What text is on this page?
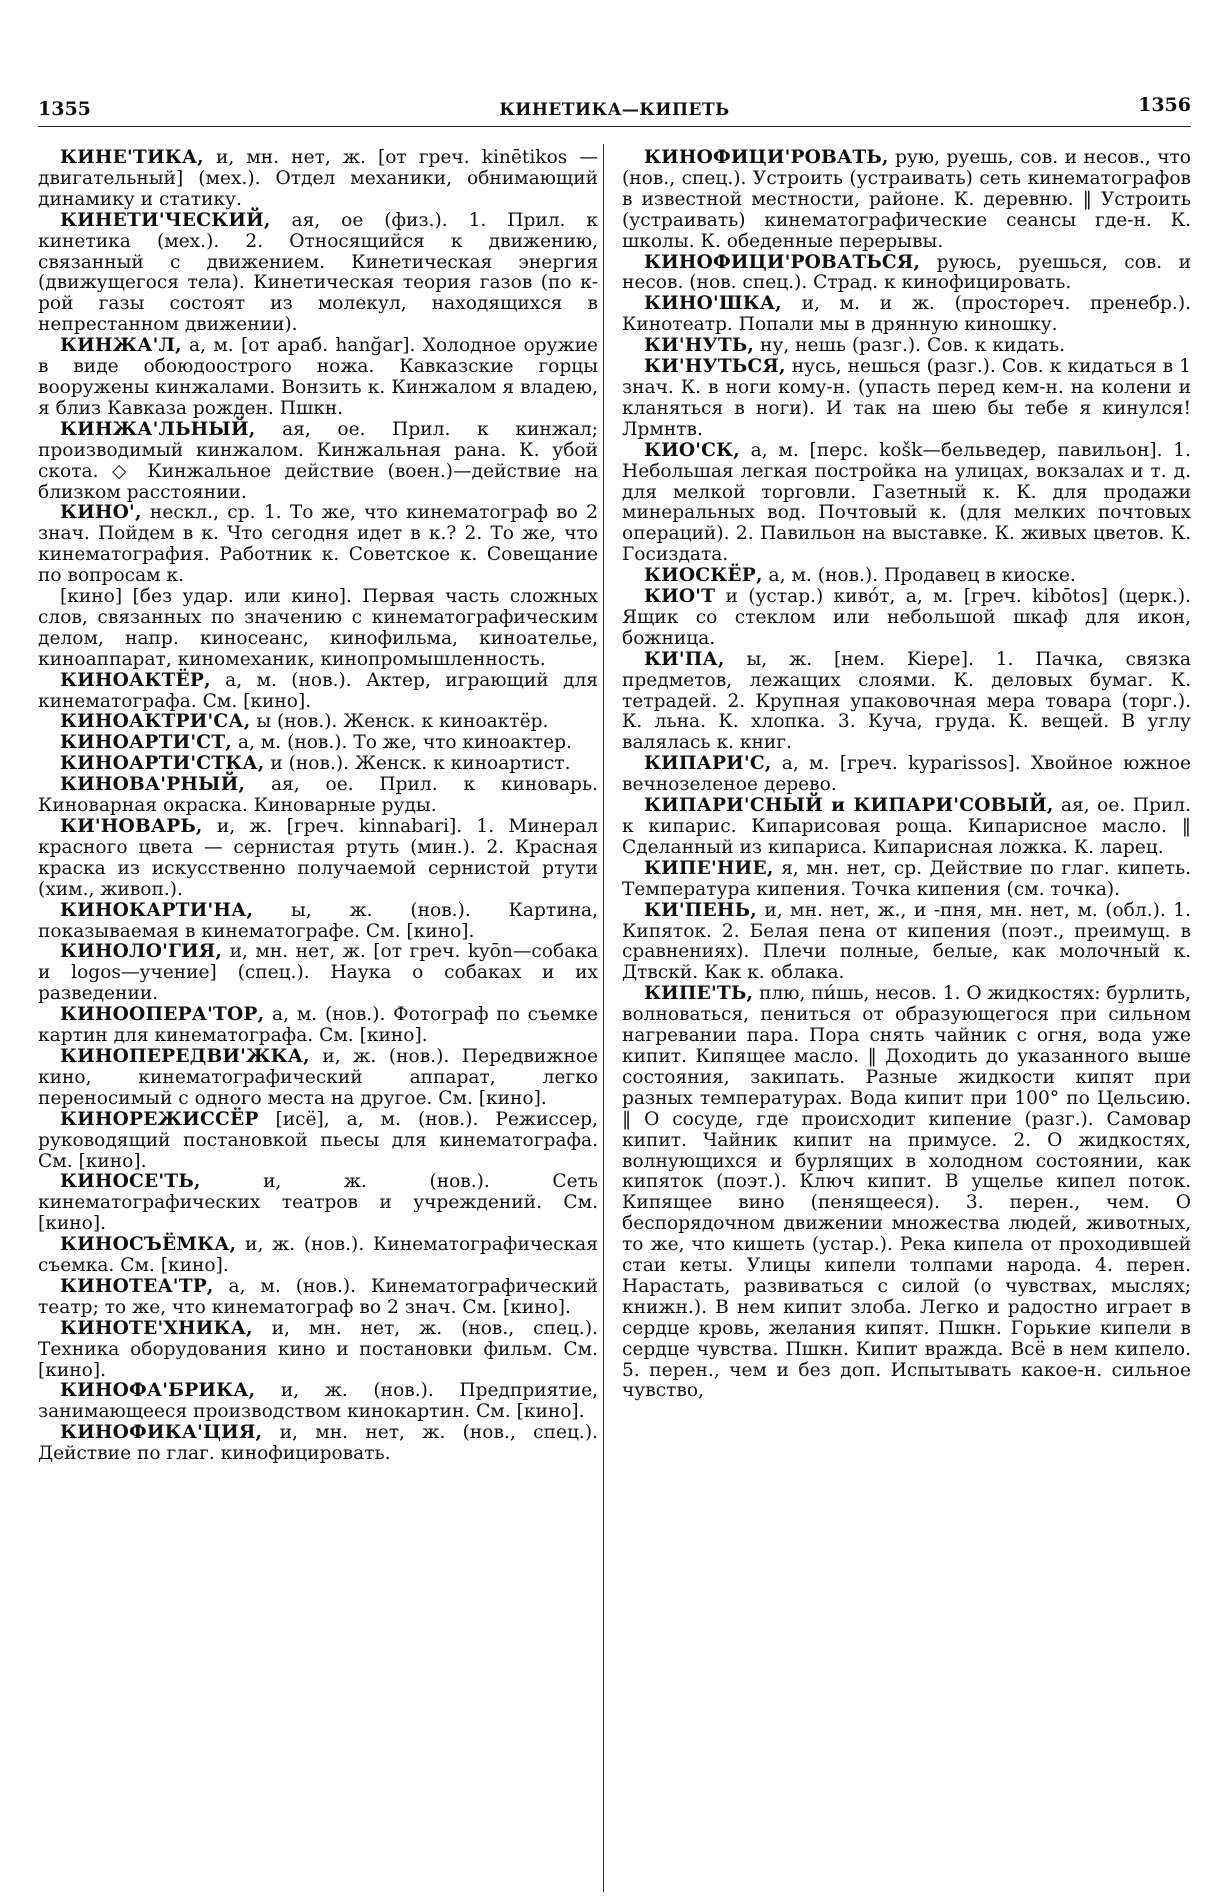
1355	КИНЕТИКА—КИПЕТЬ	1356

КИНЕ'ТИКА, и, мн. нет, ж. [от греч. kinētikos — двигательный] (мех.). Отдел механики, обнимающий динамику и статику.

КИНЕТИ'ЧЕСКИЙ, ая, ое (физ.). 1. Прил. к кинетика (мех.). 2. Относящийся к движению, связанный с движением. Кинетическая энергия (движущегося тела). Кинетическая теория газов (по к-рой газы состоят из молекул, находящихся в непрестанном движении).

КИНЖА'Л, а, м. [от араб. hanğar]. Холодное оружие в виде обоюдоострого ножа. Кавказские горцы вооружены кинжалами. Вонзить к. Кинжалом я владею, я близ Кавказа рожден. Пшкн.

КИНЖА'ЛЬНЫЙ, ая, ое. Прил. к кинжал; производимый кинжалом. Кинжальная рана. К. убой скота. ◇ Кинжальное действие (воен.)—действие на близком расстоянии.

КИНО', нескл., ср. 1. То же, что кинематограф во 2 знач. Пойдем в к. Что сегодня идет в к.? 2. То же, что кинематография. Работник к. Советское к. Совещание по вопросам к.

[кино] [без удар. или кино]. Первая часть сложных слов, связанных по значению с кинематографическим делом, напр. киносеанс, кинофильма, киноателье, киноаппарат, киномеханик, кинопромышленность.

КИНОАКТЁР, а, м. (нов.). Актер, играющий для кинематографа. См. [кино].

КИНОАКТРИ'СА, ы (нов.). Женск. к киноактёр.

КИНОАРТИ'СТ, а, м. (нов.). То же, что киноактер.

КИНОАРТИ'СТКА, и (нов.). Женск. к киноартист.

КИНОВА'РНЫЙ, ая, ое. Прил. к киноварь. Киноварная окраска. Киноварные руды.

КИ'НОВАРЬ, и, ж. [греч. kinnabari]. 1. Минерал красного цвета — сернистая ртуть (мин.). 2. Красная краска из искусственно получаемой сернистой ртути (хим., живоп.).

КИНОКАРТИ'НА, ы, ж. (нов.). Картина, показываемая в кинематографе. См. [кино].

КИНОЛО'ГИЯ, и, мн. нет, ж. [от греч. kyōn—собака и logos—учение] (спец.). Наука о собаках и их разведении.

КИНООПЕРА'ТОР, а, м. (нов.). Фотограф по съемке картин для кинематографа. См. [кино].

КИНОПЕРЕДВИ'ЖКА, и, ж. (нов.). Передвижное кино, кинематографический аппарат, легко переносимый с одного места на другое. См. [кино].

КИНОРЕЖИССЁР [исё], а, м. (нов.). Режиссер, руководящий постановкой пьесы для кинематографа. См. [кино].

КИНОСЕ'ТЬ, и, ж. (нов.). Сеть кинематографических театров и учреждений. См. [кино].

КИНОСЪЁМКА, и, ж. (нов.). Кинематографическая съемка. См. [кино].

КИНОТЕА'ТР, а, м. (нов.). Кинематографический театр; то же, что кинематограф во 2 знач. См. [кино].

КИНОТЕ'ХНИКА, и, мн. нет, ж. (нов., спец.). Техника оборудования кино и постановки фильм. См. [кино].

КИНОФА'БРИКА, и, ж. (нов.). Предприятие, занимающееся производством кинокартин. См. [кино].

КИНОФИКА'ЦИЯ, и, мн. нет, ж. (нов., спец.). Действие по глаг. кинофицировать.

КИНОФИЦИ'РОВАТЬ, рую, руешь, сов. и несов., что (нов., спец.). Устроить (устраивать) сеть кинематографов в известной местности, районе. К. деревню. ‖ Устроить (устраивать) кинематографические сеансы где-н. К. школы. К. обеденные перерывы.

КИНОФИЦИ'РОВАТЬСЯ, руюсь, руешься, сов. и несов. (нов. спец.). Страд. к кинофицировать.

КИНО'ШКА, и, м. и ж. (простореч. пренебр.). Кинотеатр. Попали мы в дрянную киношку.

КИ'НУТЬ, ну, нешь (разг.). Сов. к кидать.

КИ'НУТЬСЯ, нусь, нешься (разг.). Сов. к кидаться в 1 знач. К. в ноги кому-н. (упасть перед кем-н. на колени и кланяться в ноги). И так на шею бы тебе я кинулся! Лрмнтв.

КИО'СК, а, м. [перс. košk—бельведер, павильон]. 1. Небольшая легкая постройка на улицах, вокзалах и т. д. для мелкой торговли. Газетный к. К. для продажи минеральных вод. Почтовый к. (для мелких почтовых операций). 2. Павильон на выставке. К. живых цветов. К. Госиздата.

КИОСКЁР, а, м. (нов.). Продавец в киоске.

КИО'Т и (устар.) киво́т, а, м. [греч. kibōtos] (церк.). Ящик со стеклом или небольшой шкаф для икон, божница.

КИ'ПА, ы, ж. [нем. Kiepe]. 1. Пачка, связка предметов, лежащих слоями. К. деловых бумаг. К. тетрадей. 2. Крупная упаковочная мера товара (торг.). К. льна. К. хлопка. 3. Куча, груда. К. вещей. В углу валялась к. книг.

КИПАРИ'С, а, м. [греч. kyparissos]. Хвойное южное вечнозеленое дерево.

КИПАРИ'СНЫЙ и КИПАРИ'СОВЫЙ, ая, ое. Прил. к кипарис. Кипарисовая роща. Кипарисное масло. ‖ Сделанный из кипариса. Кипарисная ложка. К. ларец.

КИПЕ'НИЕ, я, мн. нет, ср. Действие по глаг. кипеть. Температура кипения. Точка кипения (см. точка).

КИ'ПЕНЬ, и, мн. нет, ж., и -пня, мн. нет, м. (обл.). 1. Кипяток. 2. Белая пена от кипения (поэт., преимущ. в сравнениях). Плечи полные, белые, как молочный к. Дтвскй. Как к. облака.

КИПЕ'ТЬ, плю, пи́шь, несов. 1. О жидкостях: бурлить, волноваться, пениться от образующегося при сильном нагревании пара. Пора снять чайник с огня, вода уже кипит. Кипящее масло. ‖ Доходить до указанного выше состояния, закипать. Разные жидкости кипят при разных температурах. Вода кипит при 100° по Цельсию. ‖ О сосуде, где происходит кипение (разг.). Самовар кипит. Чайник кипит на примусе. 2. О жидкостях, волнующихся и бурлящих в холодном состоянии, как кипяток (поэт.). Ключ кипит. В ущелье кипел поток. Кипящее вино (пенящееся). 3. перен., чем. О беспорядочном движении множества людей, животных, то же, что кишеть (устар.). Река кипела от проходившей стаи кеты. Улицы кипели толпами народа. 4. перен. Нарастать, развиваться с силой (о чувствах, мыслях; книжн.). В нем кипит злоба. Легко и радостно играет в сердце кровь, желания кипят. Пшкн. Горькие кипели в сердце чувства. Пшкн. Кипит вражда. Всё в нем кипело. 5. перен., чем и без доп. Испытывать какое-н. сильное чувство,
